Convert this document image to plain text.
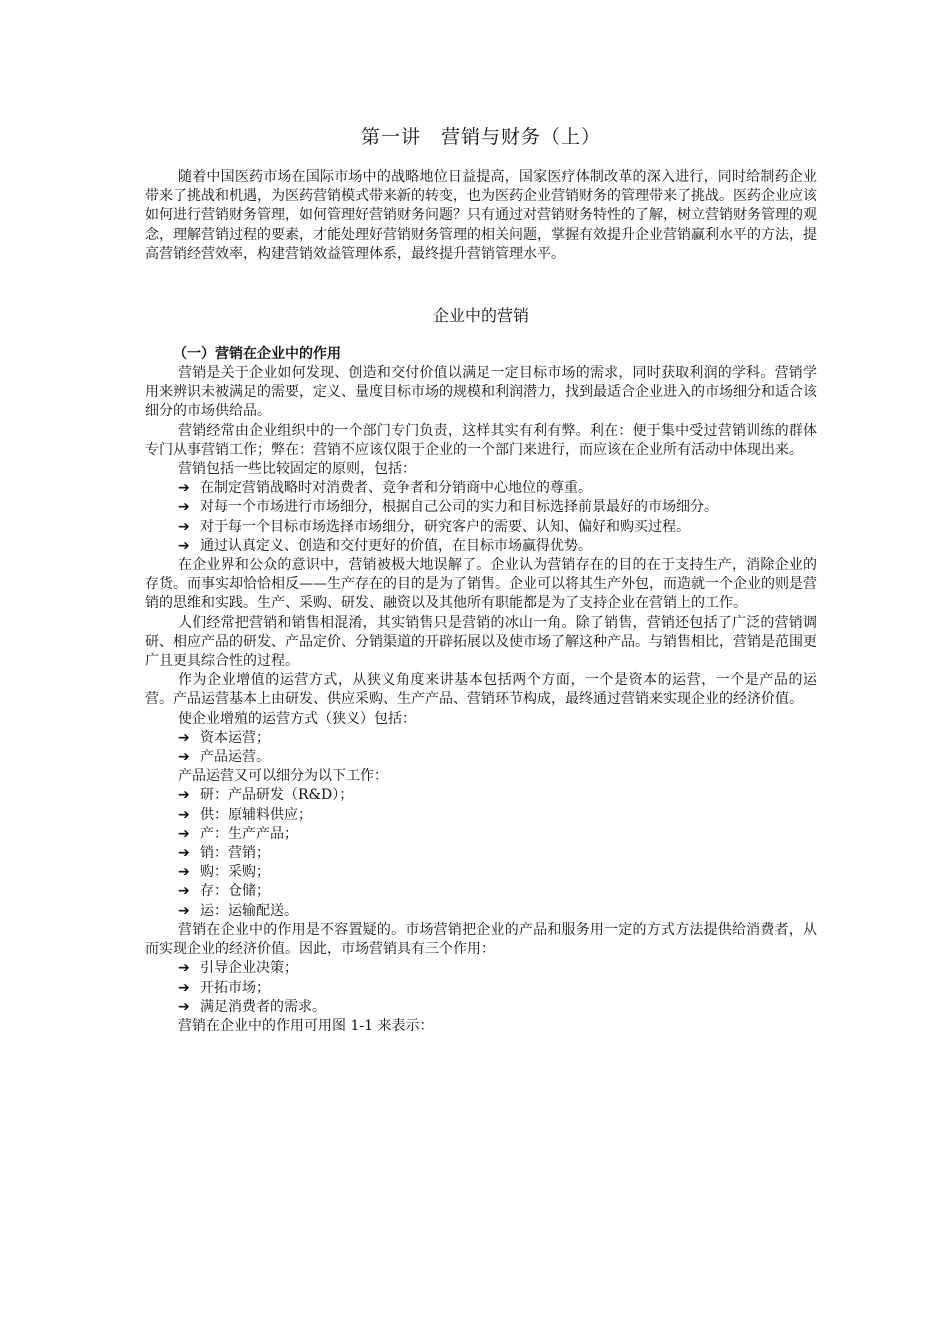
第一讲　营销与财务（上）

随着中国医药市场在国际市场中的战略地位日益提高，国家医疗体制改革的深入进行，同时给制药企业带来了挑战和机遇，为医药营销模式带来新的转变，也为医药企业营销财务的管理带来了挑战。医药企业应该如何进行营销财务管理，如何管理好营销财务问题？只有通过对营销财务特性的了解，树立营销财务管理的观念，理解营销过程的要素，才能处理好营销财务管理的相关问题，掌握有效提升企业营销赢利水平的方法，提高营销经营效率，构建营销效益管理体系，最终提升营销管理水平。

企业中的营销
（一）营销在企业中的作用

营销是关于企业如何发现、创造和交付价值以满足一定目标市场的需求，同时获取利润的学科。营销学用来辨识未被满足的需要，定义、量度目标市场的规模和利润潜力，找到最适合企业进入的市场细分和适合该细分的市场供给品。

营销经常由企业组织中的一个部门专门负责，这样其实有利有弊。利在：便于集中受过营销训练的群体专门从事营销工作；弊在：营销不应该仅限于企业的一个部门来进行，而应该在企业所有活动中体现出来。

营销包括一些比较固定的原则，包括：

➔ 在制定营销战略时对消费者、竞争者和分销商中心地位的尊重。
➔ 对每一个市场进行市场细分，根据自己公司的实力和目标选择前景最好的市场细分。
➔ 对于每一个目标市场选择市场细分，研究客户的需要、认知、偏好和购买过程。
➔ 通过认真定义、创造和交付更好的价值，在目标市场赢得优势。

在企业界和公众的意识中，营销被极大地误解了。企业认为营销存在的目的在于支持生产，消除企业的存货。而事实却恰恰相反——生产存在的目的是为了销售。企业可以将其生产外包，而造就一个企业的则是营销的思维和实践。生产、采购、研发、融资以及其他所有职能都是为了支持企业在营销上的工作。

人们经常把营销和销售相混淆，其实销售只是营销的冰山一角。除了销售，营销还包括了广泛的营销调研、相应产品的研发、产品定价、分销渠道的开辟拓展以及使市场了解这种产品。与销售相比，营销是范围更广且更具综合性的过程。

作为企业增值的运营方式，从狭义角度来讲基本包括两个方面，一个是资本的运营，一个是产品的运营。产品运营基本上由研发、供应采购、生产产品、营销环节构成，最终通过营销来实现企业的经济价值。

使企业增殖的运营方式（狭义）包括：

➔ 资本运营；
➔ 产品运营。

产品运营又可以细分为以下工作：

➔ 研：产品研发（R&D）；
➔ 供：原辅料供应；
➔ 产：生产产品；
➔ 销：营销；
➔ 购：采购；
➔ 存：仓储；
➔ 运：运输配送。

营销在企业中的作用是不容置疑的。市场营销把企业的产品和服务用一定的方式方法提供给消费者，从而实现企业的经济价值。因此，市场营销具有三个作用：

➔ 引导企业决策；
➔ 开拓市场；
➔ 满足消费者的需求。

营销在企业中的作用可用图 1-1 来表示：
